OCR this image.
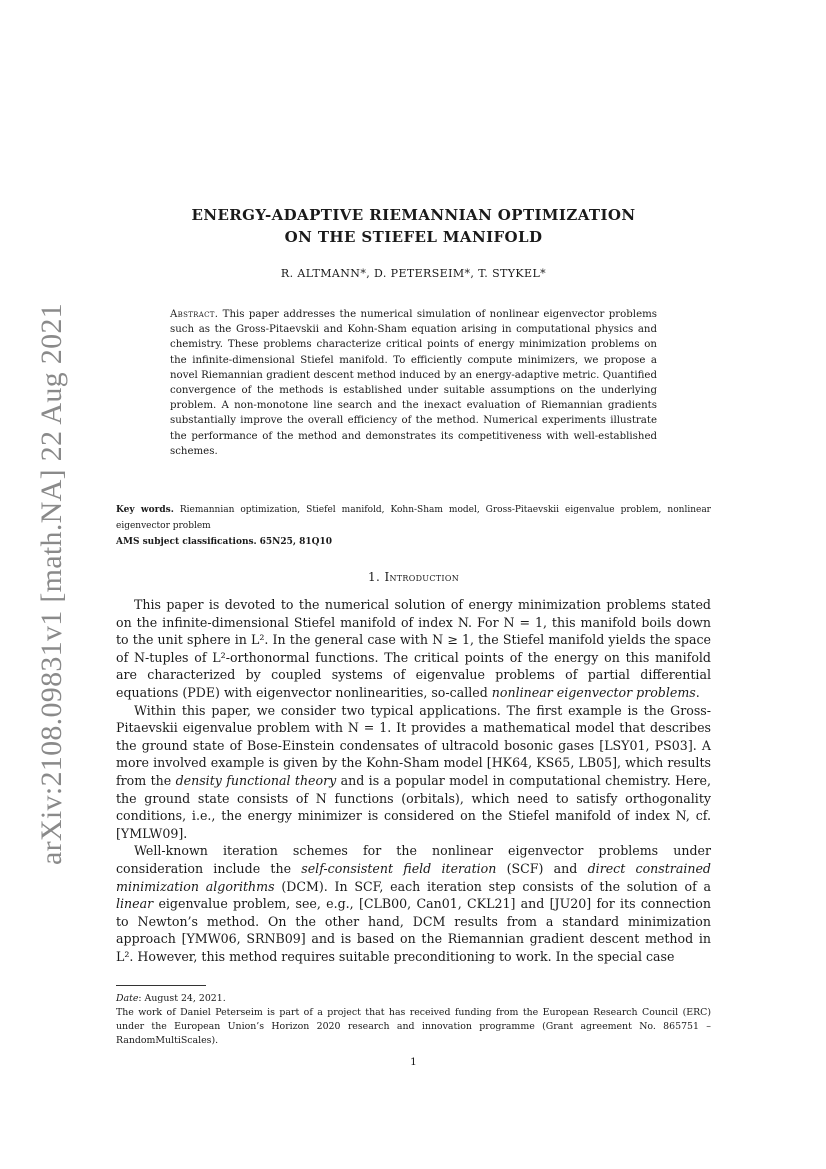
arXiv:2108.09831v1 [math.NA] 22 Aug 2021
ENERGY-ADAPTIVE RIEMANNIAN OPTIMIZATION
ON THE STIEFEL MANIFOLD
R. ALTMANN*, D. PETERSEIM*, T. STYKEL*
Abstract. This paper addresses the numerical simulation of nonlinear eigenvector problems such as the Gross-Pitaevskii and Kohn-Sham equation arising in computational physics and chemistry. These problems characterize critical points of energy minimization problems on the infinite-dimensional Stiefel manifold. To efficiently compute minimizers, we propose a novel Riemannian gradient descent method induced by an energy-adaptive metric. Quantified convergence of the methods is established under suitable assumptions on the underlying problem. A non-monotone line search and the inexact evaluation of Riemannian gradients substantially improve the overall efficiency of the method. Numerical experiments illustrate the performance of the method and demonstrates its competitiveness with well-established schemes.
Key words. Riemannian optimization, Stiefel manifold, Kohn-Sham model, Gross-Pitaevskii eigenvalue problem, nonlinear eigenvector problem
AMS subject classifications. 65N25, 81Q10
1. Introduction

This paper is devoted to the numerical solution of energy minimization problems stated on the infinite-dimensional Stiefel manifold of index N. For N = 1, this manifold boils down to the unit sphere in L². In the general case with N ≥ 1, the Stiefel manifold yields the space of N-tuples of L²-orthonormal functions. The critical points of the energy on this manifold are characterized by coupled systems of eigenvalue problems of partial differential equations (PDE) with eigenvector nonlinearities, so-called nonlinear eigenvector problems.

Within this paper, we consider two typical applications. The first example is the Gross-Pitaevskii eigenvalue problem with N = 1. It provides a mathematical model that describes the ground state of Bose-Einstein condensates of ultracold bosonic gases [LSY01, PS03]. A more involved example is given by the Kohn-Sham model [HK64, KS65, LB05], which results from the density functional theory and is a popular model in computational chemistry. Here, the ground state consists of N functions (orbitals), which need to satisfy orthogonality conditions, i.e., the energy minimizer is considered on the Stiefel manifold of index N, cf. [YMLW09].

Well-known iteration schemes for the nonlinear eigenvector problems under consideration include the self-consistent field iteration (SCF) and direct constrained minimization algorithms (DCM). In SCF, each iteration step consists of the solution of a linear eigenvalue problem, see, e.g., [CLB00, Can01, CKL21] and [JU20] for its connection to Newton’s method. On the other hand, DCM results from a standard minimization approach [YMW06, SRNB09] and is based on the Riemannian gradient descent method in L². However, this method requires suitable preconditioning to work. In the special case

Date: August 24, 2021.

The work of Daniel Peterseim is part of a project that has received funding from the European Research Council (ERC) under the European Union’s Horizon 2020 research and innovation programme (Grant agreement No. 865751 – RandomMultiScales).

1
